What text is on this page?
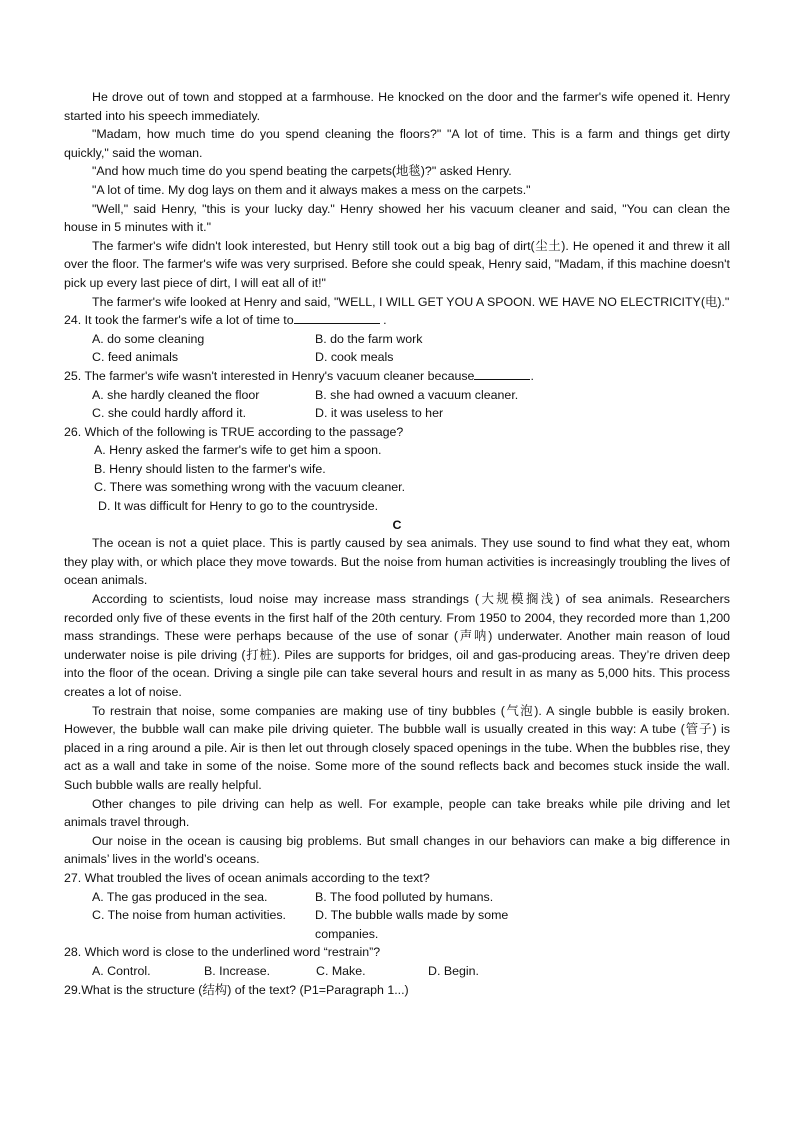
He drove out of town and stopped at a farmhouse. He knocked on the door and the farmer's wife opened it. Henry started into his speech immediately.

"Madam, how much time do you spend cleaning the floors?" "A lot of time. This is a farm and things get dirty quickly," said the woman.

"And how much time do you spend beating the carpets(地毯)?" asked Henry.

"A lot of time. My dog lays on them and it always makes a mess on the carpets."

"Well," said Henry, "this is your lucky day." Henry showed her his vacuum cleaner and said, "You can clean the house in 5 minutes with it."

The farmer's wife didn't look interested, but Henry still took out a big bag of dirt(尘土). He opened it and threw it all over the floor. The farmer's wife was very surprised. Before she could speak, Henry said, "Madam, if this machine doesn't pick up every last piece of dirt, I will eat all of it!"

The farmer's wife looked at Henry and said, "WELL, I WILL GET YOU A SPOON. WE HAVE NO ELECTRICITY(电)."

24. It took the farmer's wife a lot of time to	.

A. do some cleaning	B. do the farm work
C. feed animals	D. cook meals

25. The farmer's wife wasn't interested in Henry's vacuum cleaner because	.

A. she hardly cleaned the floor	B. she had owned a vacuum cleaner.
C. she could hardly afford it.	D. it was useless to her

26. Which of the following is TRUE according to the passage?

A. Henry asked the farmer's wife to get him a spoon.
B. Henry should listen to the farmer's wife.
C. There was something wrong with the vacuum cleaner.
D. It was difficult for Henry to go to the countryside.
C

The ocean is not a quiet place. This is partly caused by sea animals. They use sound to find what they eat, whom they play with, or which place they move towards. But the noise from human activities is increasingly troubling the lives of ocean animals.

According to scientists, loud noise may increase mass strandings (大规模搁浅) of sea animals. Researchers recorded only five of these events in the first half of the 20th century. From 1950 to 2004, they recorded more than 1,200 mass strandings. These were perhaps because of the use of sonar (声呐) underwater. Another main reason of loud underwater noise is pile driving (打桩). Piles are supports for bridges, oil and gas-producing areas. They’re driven deep into the floor of the ocean. Driving a single pile can take several hours and result in as many as 5,000 hits. This process creates a lot of noise.

To restrain that noise, some companies are making use of tiny bubbles (气泡). A single bubble is easily broken. However, the bubble wall can make pile driving quieter. The bubble wall is usually created in this way: A tube (管子) is placed in a ring around a pile. Air is then let out through closely spaced openings in the tube. When the bubbles rise, they act as a wall and take in some of the noise. Some more of the sound reflects back and becomes stuck inside the wall. Such bubble walls are really helpful.

Other changes to pile driving can help as well. For example, people can take breaks while pile driving and let animals travel through.

Our noise in the ocean is causing big problems. But small changes in our behaviors can make a big difference in animals’ lives in the world’s oceans.

27. What troubled the lives of ocean animals according to the text?

A. The gas produced in the sea.	B. The food polluted by humans.
C. The noise from human activities.	D. The bubble walls made by some companies.

28. Which word is close to the underlined word “restrain”?

A. Control.	B. Increase.	C. Make.	D. Begin.

29.What is the structure (结构) of the text? (P1=Paragraph 1...)
